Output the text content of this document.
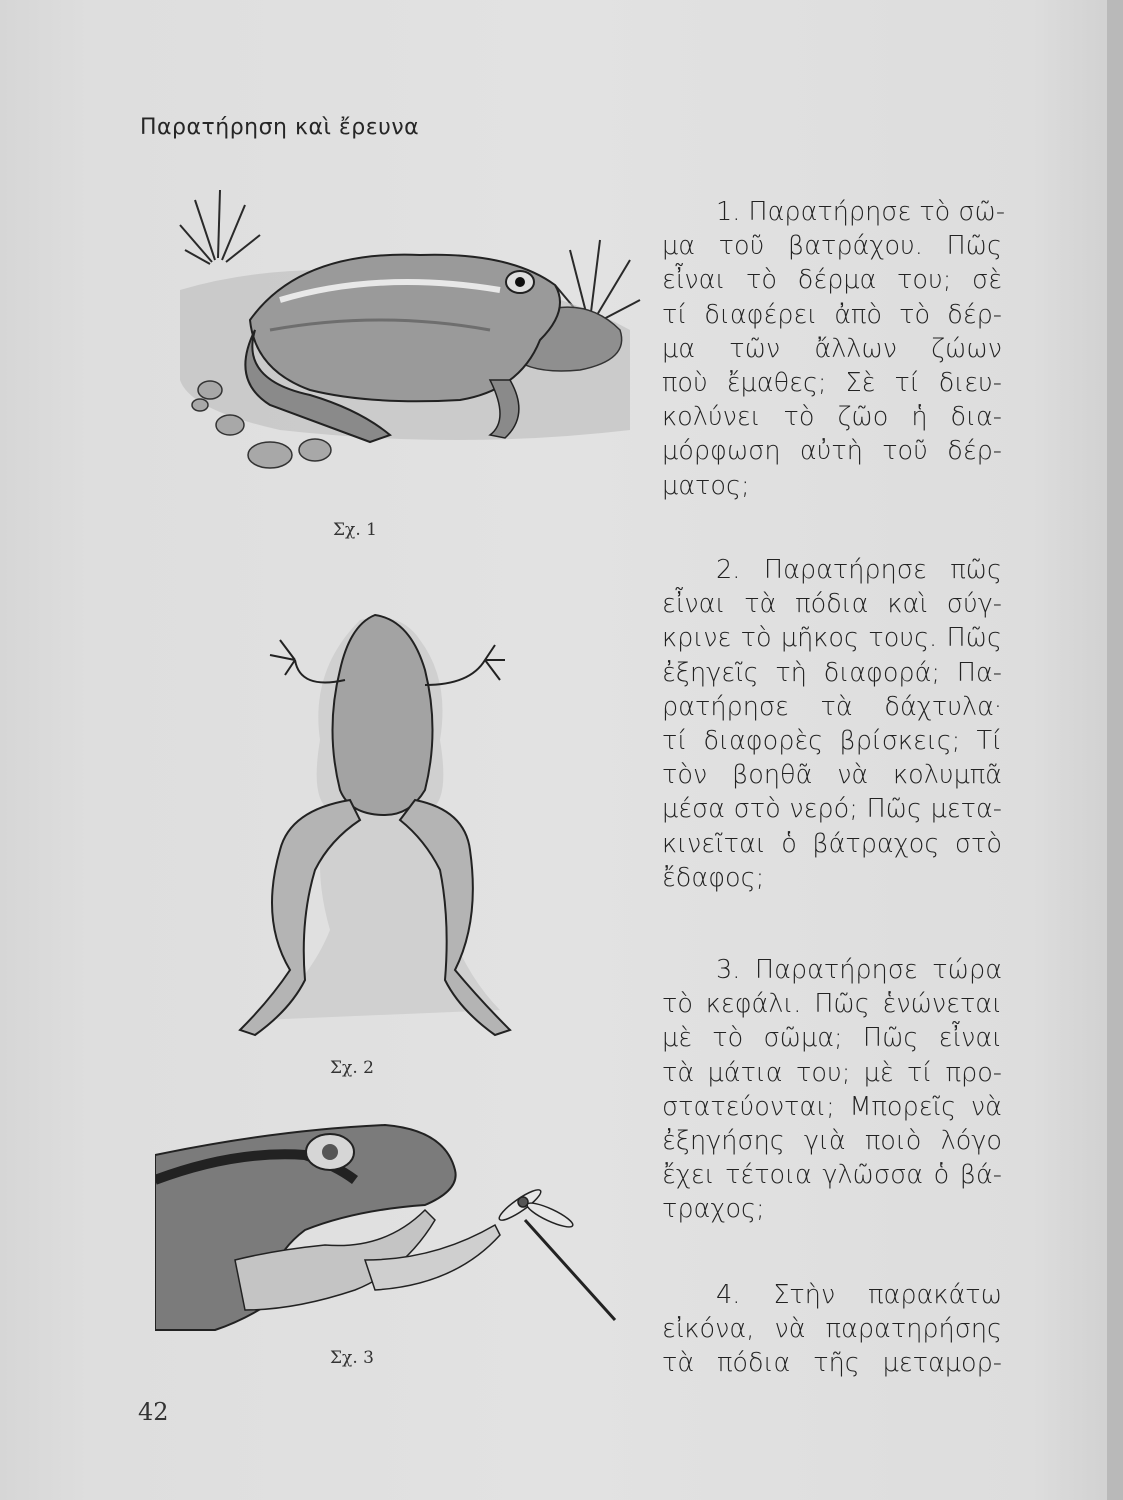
Παρατήρηση καὶ ἔρευνα
Σχ. 1
Σχ. 2
Σχ. 3
1. Παρατήρησε τὸ σῶ-
μα τοῦ βατράχου. Πῶς
εἶναι τὸ δέρμα του; σὲ
τί διαφέρει ἀπὸ τὸ δέρ-
μα τῶν ἄλλων ζώων
ποὺ ἔμαθες; Σὲ τί διευ-
κολύνει τὸ ζῶο ἡ δια-
μόρφωση αὐτὴ τοῦ δέρ-
ματος;
2. Παρατήρησε πῶς
εἶναι τὰ πόδια καὶ σύγ-
κρινε τὸ μῆκος τους. Πῶς
ἐξηγεῖς τὴ διαφορά; Πα-
ρατήρησε τὰ δάχτυλα·
τί διαφορὲς βρίσκεις; Τί
τὸν βοηθᾶ νὰ κολυμπᾶ
μέσα στὸ νερό; Πῶς μετα-
κινεῖται ὁ βάτραχος στὸ
ἔδαφος;
3. Παρατήρησε τώρα
τὸ κεφάλι. Πῶς ἑνώνεται
μὲ τὸ σῶμα; Πῶς εἶναι
τὰ μάτια του; μὲ τί προ-
στατεύονται; Μπορεῖς νὰ
ἐξηγήσης γιὰ ποιὸ λόγο
ἔχει τέτοια γλῶσσα ὁ βά-
τραχος;
4. Στὴν παρακάτω
εἰκόνα, νὰ παρατηρήσης
τὰ πόδια τῆς μεταμορ-
42
